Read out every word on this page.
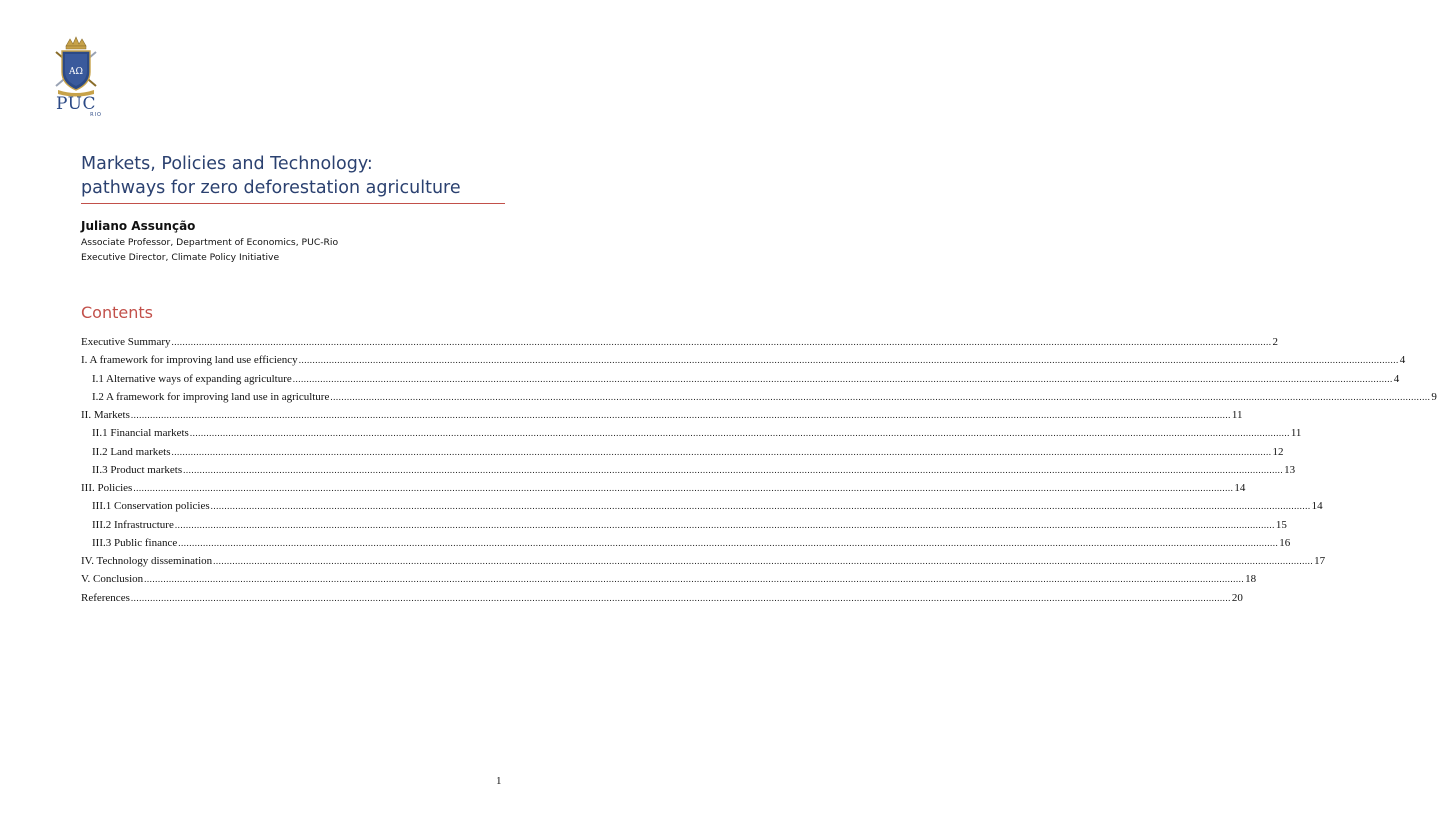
ΑΩ
PUC
RIO
Markets, Policies and Technology:
pathways for zero deforestation agriculture
Juliano Assunção
Associate Professor, Department of Economics, PUC-Rio
Executive Director, Climate Policy Initiative
Contents
Executive Summary ................................................................................................................................................................................................................................................................................................................................................................................................................ 2
I. A framework for improving land use efficiency ................................................................................................................................................................................................................................................................................................................................................................................................................ 4
I.1 Alternative ways of expanding agriculture ................................................................................................................................................................................................................................................................................................................................................................................................................ 4
I.2 A framework for improving land use in agriculture ................................................................................................................................................................................................................................................................................................................................................................................................................ 9
II. Markets ................................................................................................................................................................................................................................................................................................................................................................................................................ 11
II.1 Financial markets ................................................................................................................................................................................................................................................................................................................................................................................................................ 11
II.2 Land markets ................................................................................................................................................................................................................................................................................................................................................................................................................ 12
II.3 Product markets ................................................................................................................................................................................................................................................................................................................................................................................................................ 13
III. Policies ................................................................................................................................................................................................................................................................................................................................................................................................................ 14
III.1 Conservation policies ................................................................................................................................................................................................................................................................................................................................................................................................................ 14
III.2 Infrastructure ................................................................................................................................................................................................................................................................................................................................................................................................................ 15
III.3 Public finance ................................................................................................................................................................................................................................................................................................................................................................................................................ 16
IV. Technology dissemination ................................................................................................................................................................................................................................................................................................................................................................................................................ 17
V. Conclusion ................................................................................................................................................................................................................................................................................................................................................................................................................ 18
References ................................................................................................................................................................................................................................................................................................................................................................................................................ 20
1
